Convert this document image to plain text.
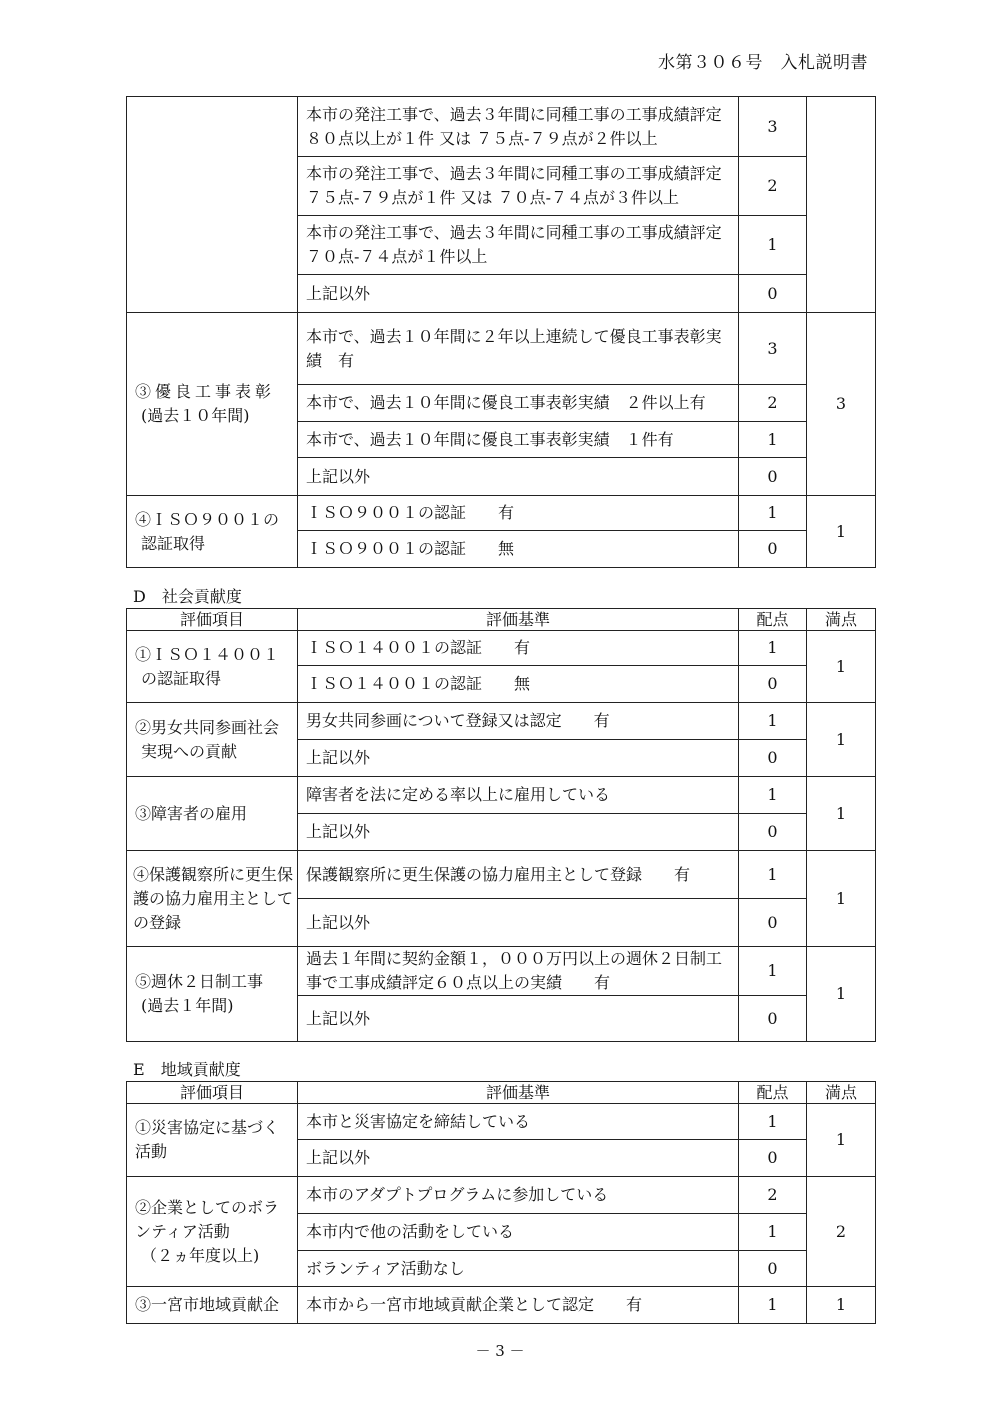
水第３０６号　入札説明書
	本市の発注工事で、過去３年間に同種工事の工事成績評定８０点以上が１件 又は ７５点-７９点が２件以上	3	
	本市の発注工事で、過去３年間に同種工事の工事成績評定７５点-７９点が１件 又は ７０点-７４点が３件以上	2	
	本市の発注工事で、過去３年間に同種工事の工事成績評定７０点-７４点が１件以上	1	
	上記以外	0	

③優良工事表彰
(過去１０年間)	本市で、過去１０年間に２年以上連続して優良工事表彰実績　有	3	3
	本市で、過去１０年間に優良工事表彰実績　２件以上有	2	
	本市で、過去１０年間に優良工事表彰実績　１件有	1	
	上記以外	0	

④ＩＳＯ９００１の
認証取得	ＩＳＯ９００１の認証　　有	1	1
	ＩＳＯ９００１の認証　　無	0	
D 社会貢献度
評価項目	評価基準	配点	満点

①ＩＳＯ１４００１
の認証取得	ＩＳＯ１４００１の認証　　有	1	1
	ＩＳＯ１４００１の認証　　無	0	

②男女共同参画社会
実現への貢献	男女共同参画について登録又は認定　　有	1	1
	上記以外	0	
③障害者の雇用	障害者を法に定める率以上に雇用している	1	1
	上記以外	0	
④保護観察所に更生保護の協力雇用主としての登録	保護観察所に更生保護の協力雇用主として登録　　有	1	1
	上記以外	0	

⑤週休２日制工事
(過去１年間)	過去１年間に契約金額１，０００万円以上の週休２日制工事で工事成績評定６０点以上の実績　　有	1	1
	上記以外	0	
E 地域貢献度
評価項目	評価基準	配点	満点
①災害協定に基づく活動	本市と災害協定を締結している	1	1
	上記以外	0	

②企業としてのボランティア活動
（２ヵ年度以上)	本市のアダプトプログラムに参加している	2	2
	本市内で他の活動をしている	1	
	ボランティア活動なし	0	
③一宮市地域貢献企	本市から一宮市地域貢献企業として認定　　有	1	1
－ 3 －
